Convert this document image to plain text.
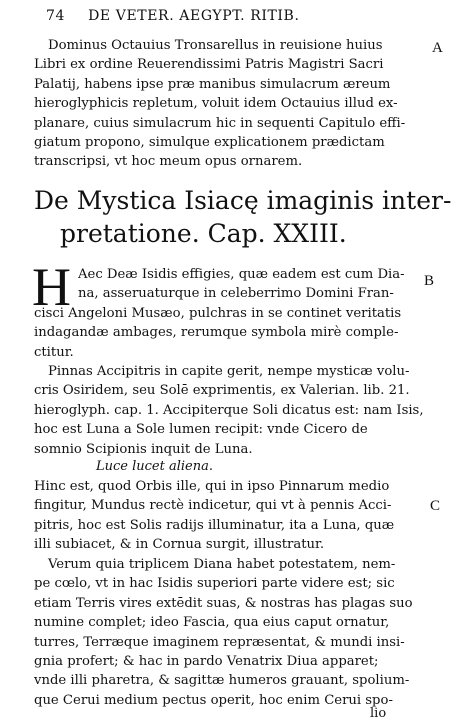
74 DE VETER. AEGYPT. RITIB.
Dominus Octauius Tronsarellus in reuisione huius
Libri ex ordine Reuerendissimi Patris Magistri Sacri
Palatij, habens ipse præ manibus simulacrum æreum
hieroglyphicis repletum, voluit idem Octauius illud ex-
planare, cuius simulacrum hic in sequenti Capitulo effi-
giatum propono, simulque explicationem prædictam
transcripsi, vt hoc meum opus ornarem.
A
De Mystica Isiacę imaginis inter-
pretatione. Cap. XXIII.
H Aec Deæ Isidis effigies, quæ eadem est cum Dia-
na, asseruaturque in celeberrimo Domini Fran-
cisci Angeloni Musæo, pulchras in se continet veritatis
indagandæ ambages, rerumque symbola mirè comple-
ctitur.
B
Pinnas Accipitris in capite gerit, nempe mysticæ volu-
cris Osiridem, seu Solē exprimentis, ex Valerian. lib. 21.
hieroglyph. cap. 1. Accipiterque Soli dicatus est: nam Isis,
hoc est Luna a Sole lumen recipit: vnde Cicero de
somnio Scipionis inquit de Luna.
Luce lucet aliena.
Hinc est, quod Orbis ille, qui in ipso Pinnarum medio
fingitur, Mundus rectè indicetur, qui vt à pennis Acci-
pitris, hoc est Solis radijs illuminatur, ita a Luna, quæ
illi subiacet, & in Cornua surgit, illustratur.
C
Verum quia triplicem Diana habet potestatem, nem-
pe cœlo, vt in hac Isidis superiori parte videre est; sic
etiam Terris vires extēdit suas, & nostras has plagas suo
numine complet; ideo Fascia, qua eius caput ornatur,
turres, Terræque imaginem repræsentat, & mundi insi-
gnia profert; & hac in pardo Venatrix Diua apparet;
vnde illi pharetra, & sagittæ humeros grauant, spolium-
que Cerui medium pectus operit, hoc enim Cerui spo-
lio
